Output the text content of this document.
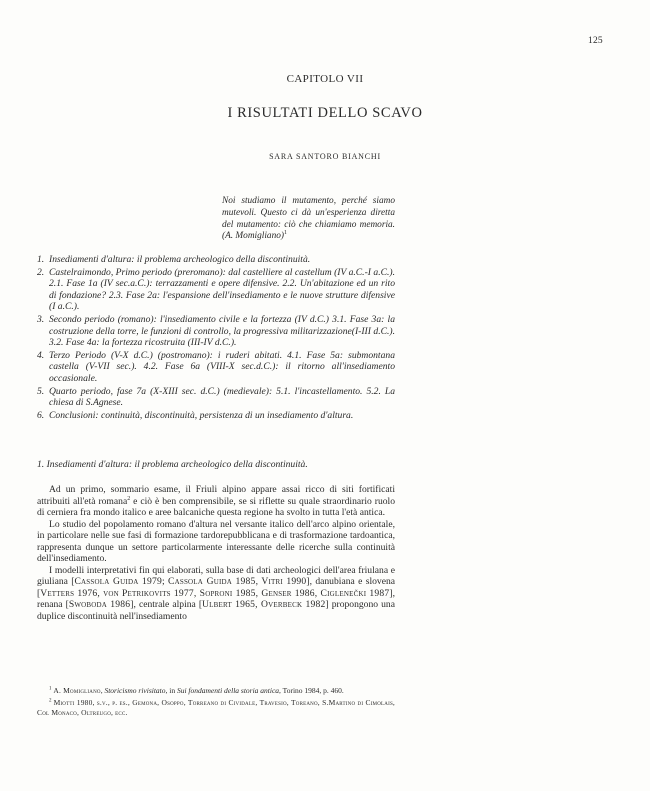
125
CAPITOLO VII
I RISULTATI DELLO SCAVO
SARA SANTORO BIANCHI
Noi studiamo il mutamento, perché siamo mutevoli. Questo ci dà un'esperienza diretta del mutamento: ciò che chiamiamo memoria. (A. Momigliano)$^1$
1. Insediamenti d'altura: il problema archeologico della discontinuità.
2. Castelraimondo, Primo periodo (preromano): dal castelliere al castellum (IV a.C.-I a.C.). 2.1. Fase 1a (IV sec.a.C.): terrazzamenti e opere difensive. 2.2. Un'abitazione ed un rito di fondazione? 2.3. Fase 2a: l'espansione dell'insediamento e le nuove strutture difensive (I a.C.).
3. Secondo periodo (romano): l'insediamento civile e la fortezza (IV d.C.) 3.1. Fase 3a: la costruzione della torre, le funzioni di controllo, la progressiva militarizzazione(I-III d.C.). 3.2. Fase 4a: la fortezza ricostruita (III-IV d.C.).
4. Terzo Periodo (V-X d.C.) (postromano): i ruderi abitati. 4.1. Fase 5a: submontana castella (V-VII sec.). 4.2. Fase 6a (VIII-X sec.d.C.): il ritorno all'insediamento occasionale.
5. Quarto periodo, fase 7a (X-XIII sec. d.C.) (medievale): 5.1. l'incastellamento. 5.2. La chiesa di S.Agnese.
6. Conclusioni: continuità, discontinuità, persistenza di un insediamento d'altura.
1. Insediamenti d'altura: il problema archeologico della discontinuità.

Ad un primo, sommario esame, il Friuli alpino appare assai ricco di siti fortificati attribuiti all'età romana$^2$ e ciò è ben comprensibile, se si riflette su quale straordinario ruolo di cerniera fra mondo italico e aree balcaniche questa regione ha svolto in tutta l'età antica.

Lo studio del popolamento romano d'altura nel versante italico dell'arco alpino orientale, in particolare nelle sue fasi di formazione tardorepubblicana e di trasformazione tardoantica, rappresenta dunque un settore particolarmente interessante delle ricerche sulla continuità dell'insediamento.

I modelli interpretativi fin qui elaborati, sulla base di dati archeologici dell'area friulana e giuliana [Cassola Guida 1979; Cassola Guida 1985, Vitri 1990], danubiana e slovena [Vetters 1976, von Petrikovits 1977, Soproni 1985, Genser 1986, Ciglenečki 1987], renana [Swoboda 1986], centrale alpina [Ulbert 1965, Overbeck 1982] propongono una duplice discontinuità nell'insediamento

$^1$ A. Momigliano, Storicismo rivisitato, in Sui fondamenti della storia antica, Torino 1984, p. 460.

$^2$ Miotti 1980, s.v., p. es., Gemona, Osoppo, Torreano di Cividale, Travesio, Toreano, S.Martino di Cimolais, Col Monaco, Oltreugo, ecc.
